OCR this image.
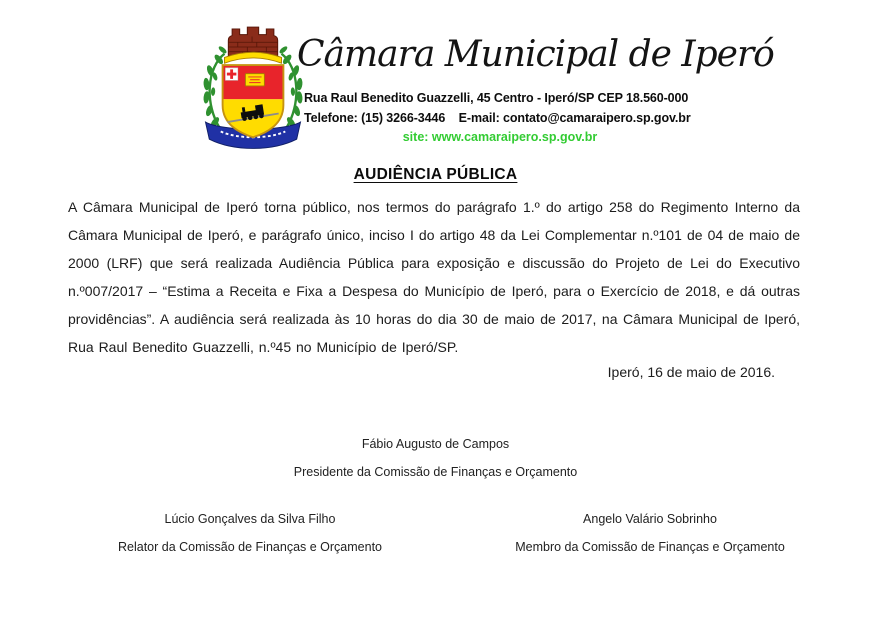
Câmara Municipal de Iperó
Rua Raul Benedito Guazzelli, 45 Centro - Iperó/SP CEP 18.560-000
Telefone: (15) 3266-3446    E-mail: contato@camaraipero.sp.gov.br
site: www.camaraipero.sp.gov.br
AUDIÊNCIA PÚBLICA

A Câmara Municipal de Iperó torna público, nos termos do parágrafo 1.º do artigo 258 do Regimento Interno da Câmara Municipal de Iperó, e parágrafo único, inciso I do artigo 48 da Lei Complementar n.º101 de 04 de maio de 2000 (LRF) que será realizada Audiência Pública para exposição e discussão do Projeto de Lei do Executivo n.º007/2017 – “Estima a Receita e Fixa a Despesa do Município de Iperó, para o Exercício de 2018, e dá outras providências”. A audiência será realizada às 10 horas do dia 30 de maio de 2017, na Câmara Municipal de Iperó, Rua Raul Benedito Guazzelli, n.º45 no Município de Iperó/SP.

Iperó, 16 de maio de 2016.
Fábio Augusto de Campos
Presidente da Comissão de Finanças e Orçamento
Lúcio Gonçalves da Silva Filho
Relator da Comissão de Finanças e Orçamento
Angelo Valário Sobrinho
Membro da Comissão de Finanças e Orçamento
